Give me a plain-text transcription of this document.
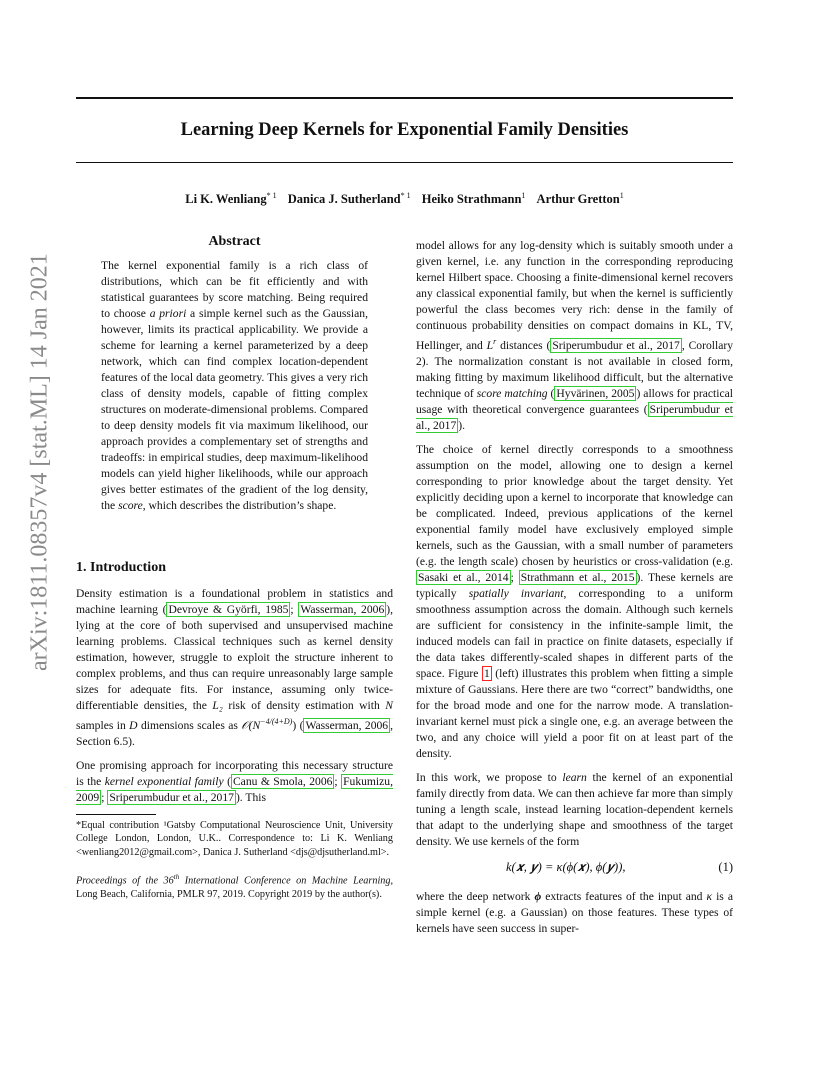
Learning Deep Kernels for Exponential Family Densities
Li K. Wenliang$^{* 1}$ Danica J. Sutherland$^{* 1}$ Heiko Strathmann$^1$ Arthur Gretton$^1$
arXiv:1811.08357v4 [stat.ML] 14 Jan 2021
Abstract

The kernel exponential family is a rich class of distributions, which can be fit efficiently and with statistical guarantees by score matching. Being required to choose a priori a simple kernel such as the Gaussian, however, limits its practical applicability. We provide a scheme for learning a kernel parameterized by a deep network, which can find complex location-dependent features of the local data geometry. This gives a very rich class of density models, capable of fitting complex structures on moderate-dimensional problems. Compared to deep density models fit via maximum likelihood, our approach provides a complementary set of strengths and tradeoffs: in empirical studies, deep maximum-likelihood models can yield higher likelihoods, while our approach gives better estimates of the gradient of the log density, the score, which describes the distribution’s shape.

1. Introduction

Density estimation is a foundational problem in statistics and machine learning ( Devroye & Györfi, 1985 ; Wasserman, 2006 ), lying at the core of both supervised and unsupervised machine learning problems. Classical techniques such as kernel density estimation, however, struggle to exploit the structure inherent to complex problems, and thus can require unreasonably large sample sizes for adequate fits. For instance, assuming only twice-differentiable densities, the L₂ risk of density estimation with N samples in D dimensions scales as $𝒪(N^{-4/(4+D)})$ ( Wasserman, 2006 , Section 6.5).

One promising approach for incorporating this necessary structure is the kernel exponential family ( Canu & Smola, 2006 ; Fukumizu, 2009 ; Sriperumbudur et al., 2017 ). This

*Equal contribution ¹Gatsby Computational Neuroscience Unit, University College London, London, U.K.. Correspondence to: Li K. Wenliang <wenliang2012@gmail.com>, Danica J. Sutherland <djs@djsutherland.ml>.

Proceedings of the 36th International Conference on Machine Learning, Long Beach, California, PMLR 97, 2019. Copyright 2019 by the author(s).

model allows for any log-density which is suitably smooth under a given kernel, i.e. any function in the corresponding reproducing kernel Hilbert space. Choosing a finite-dimensional kernel recovers any classical exponential family, but when the kernel is sufficiently powerful the class becomes very rich: dense in the family of continuous probability densities on compact domains in KL, TV, Hellinger, and $L^r$ distances ( Sriperumbudur et al., 2017 , Corollary 2). The normalization constant is not available in closed form, making fitting by maximum likelihood difficult, but the alternative technique of score matching ( Hyvärinen, 2005 ) allows for practical usage with theoretical convergence guarantees ( Sriperumbudur et al., 2017 ).

The choice of kernel directly corresponds to a smoothness assumption on the model, allowing one to design a kernel corresponding to prior knowledge about the target density. Yet explicitly deciding upon a kernel to incorporate that knowledge can be complicated. Indeed, previous applications of the kernel exponential family model have exclusively employed simple kernels, such as the Gaussian, with a small number of parameters (e.g. the length scale) chosen by heuristics or cross-validation (e.g. Sasaki et al., 2014 ; Strathmann et al., 2015 ). These kernels are typically spatially invariant, corresponding to a uniform smoothness assumption across the domain. Although such kernels are sufficient for consistency in the infinite-sample limit, the induced models can fail in practice on finite datasets, especially if the data takes differently-scaled shapes in different parts of the space. Figure 1 (left) illustrates this problem when fitting a simple mixture of Gaussians. Here there are two “correct” bandwidths, one for the broad mode and one for the narrow mode. A translation-invariant kernel must pick a single one, e.g. an average between the two, and any choice will yield a poor fit on at least part of the density.

In this work, we propose to learn the kernel of an exponential family directly from data. We can then achieve far more than simply tuning a length scale, instead learning location-dependent kernels that adapt to the underlying shape and smoothness of the target density. We use kernels of the form

k(𝒙, 𝒚) = κ(ϕ(𝒙), ϕ(𝒚)),	(1)

where the deep network ϕ extracts features of the input and κ is a simple kernel (e.g. a Gaussian) on those features. These types of kernels have seen success in super-
